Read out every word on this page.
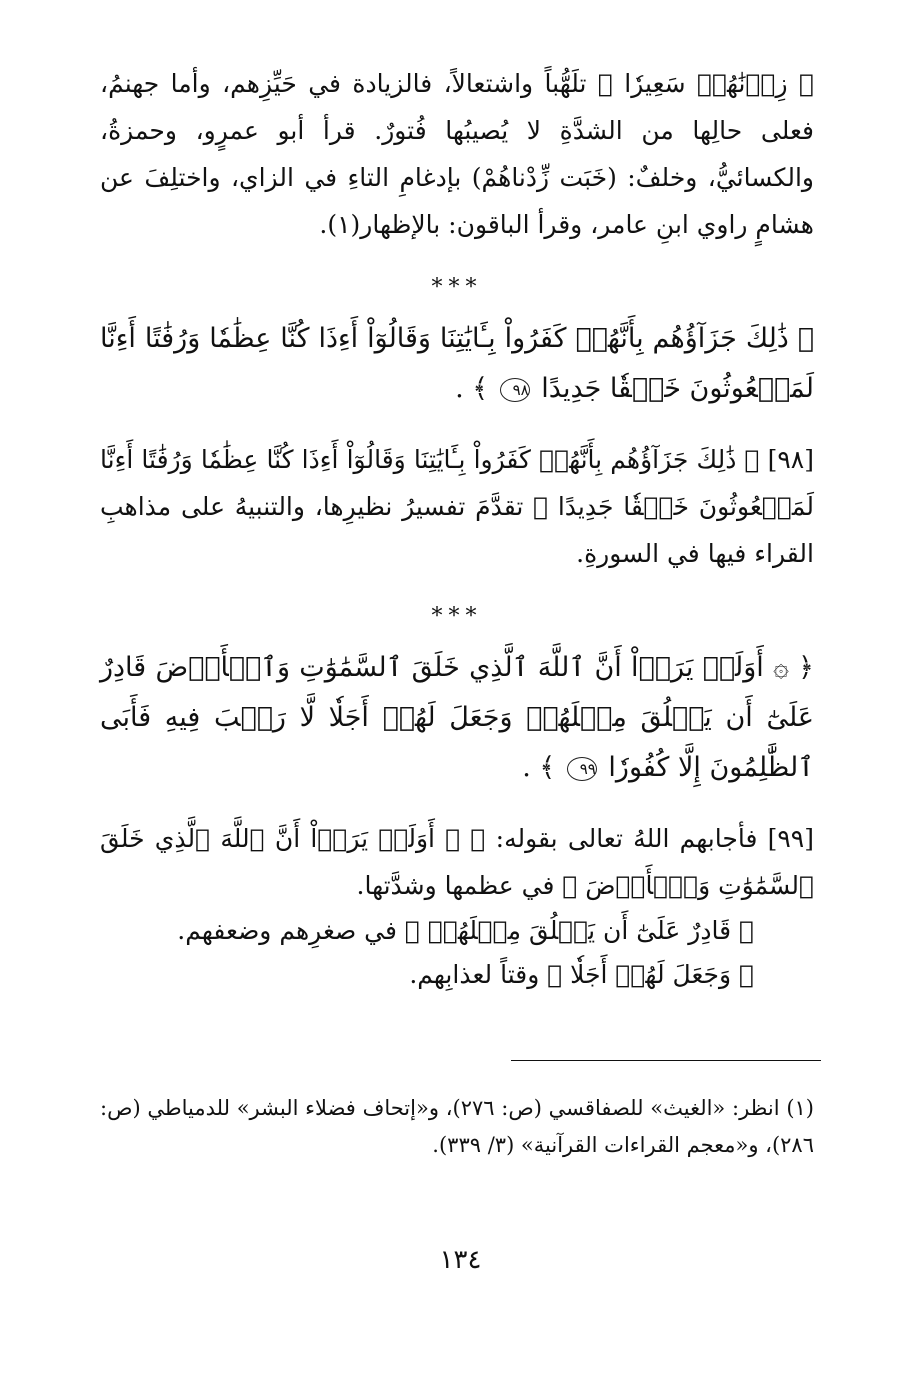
﴿ زِدۡنَٰهُمۡ سَعِيرٗا ﴾ تلَهُّباً واشتعالاً، فالزيادة في حَيِّزِهم، وأما جهنمُ، فعلى حالِها من الشدَّةِ لا يُصيبُها فُتورٌ. قرأ أبو عمرٍو، وحمزةُ، والكسائيُّ، وخلفٌ: (خَبَت زِّدْناهُمْ) بإدغامِ التاءِ في الزاي، واختلِفَ عن هشامٍ راوي ابنِ عامر، وقرأ الباقون: بالإظهار(١).

***

﴿ ذَٰلِكَ جَزَآؤُهُم بِأَنَّهُمۡ كَفَرُواْ بِـَٔايَٰتِنَا وَقَالُوٓاْ أَءِذَا كُنَّا عِظَٰمٗا وَرُفَٰتًا أَءِنَّا لَمَبۡعُوثُونَ خَلۡقٗا جَدِيدًا ٩٨ ﴾ .

[٩٨] ﴿ ذَٰلِكَ جَزَآؤُهُم بِأَنَّهُمۡ كَفَرُواْ بِـَٔايَٰتِنَا وَقَالُوٓاْ أَءِذَا كُنَّا عِظَٰمٗا وَرُفَٰتًا أَءِنَّا لَمَبۡعُوثُونَ خَلۡقٗا جَدِيدًا ﴾ تقدَّمَ تفسيرُ نظيرِها، والتنبيهُ على مذاهبِ القراء فيها في السورةِ.

***

﴿ ۞ أَوَلَمۡ يَرَوۡاْ أَنَّ ٱللَّهَ ٱلَّذِي خَلَقَ ٱلسَّمَٰوَٰتِ وَٱلۡأَرۡضَ قَادِرٌ عَلَىٰٓ أَن يَخۡلُقَ مِثۡلَهُمۡ وَجَعَلَ لَهُمۡ أَجَلٗا لَّا رَيۡبَ فِيهِ فَأَبَى ٱلظَّٰلِمُونَ إِلَّا كُفُورٗا ٩٩ ﴾ .

[٩٩] فأجابهم اللهُ تعالى بقوله: ﴿ ۞ أَوَلَمۡ يَرَوۡاْ أَنَّ ٱللَّهَ ٱلَّذِي خَلَقَ ٱلسَّمَٰوَٰتِ وَٱلۡأَرۡضَ ﴾ في عظمها وشدَّتها.

﴿ قَادِرٌ عَلَىٰٓ أَن يَخۡلُقَ مِثۡلَهُمۡ ﴾ في صغرِهم وضعفهم.

﴿ وَجَعَلَ لَهُمۡ أَجَلٗا ﴾ وقتاً لعذابِهم.

(١) انظر: «الغيث» للصفاقسي (ص: ٢٧٦)، و«إتحاف فضلاء البشر» للدمياطي (ص: ٢٨٦)، و«معجم القراءات القرآنية» (٣/ ٣٣٩).

١٣٤
